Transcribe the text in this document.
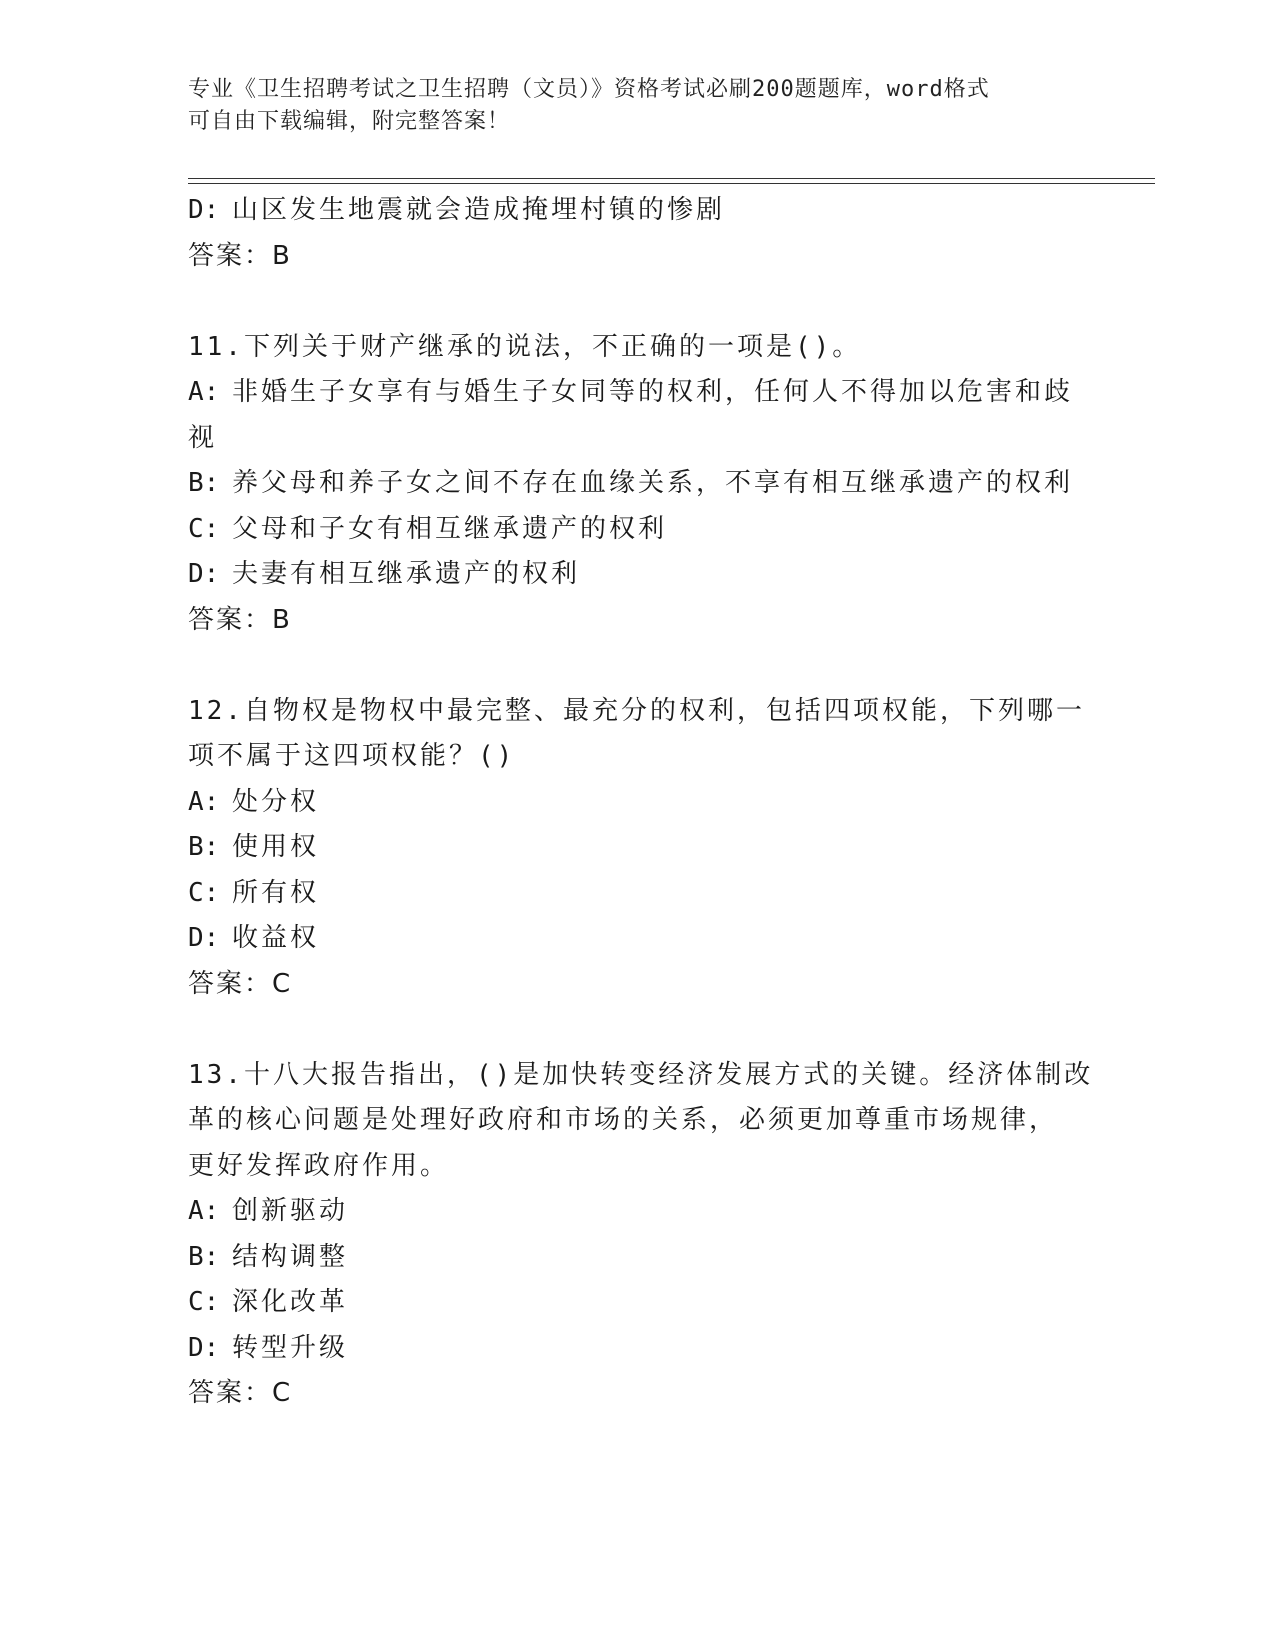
专业《卫生招聘考试之卫生招聘（文员）》资格考试必刷200题题库，word格式
可自由下载编辑，附完整答案！
D: 山区发生地震就会造成掩埋村镇的惨剧
答案：B
11.下列关于财产继承的说法，不正确的一项是()。
A: 非婚生子女享有与婚生子女同等的权利，任何人不得加以危害和歧
视
B: 养父母和养子女之间不存在血缘关系，不享有相互继承遗产的权利
C: 父母和子女有相互继承遗产的权利
D: 夫妻有相互继承遗产的权利
答案：B
12.自物权是物权中最完整、最充分的权利，包括四项权能，下列哪一
项不属于这四项权能？()
A: 处分权
B: 使用权
C: 所有权
D: 收益权
答案：C
13.十八大报告指出，()是加快转变经济发展方式的关键。经济体制改
革的核心问题是处理好政府和市场的关系，必须更加尊重市场规律，
更好发挥政府作用。
A: 创新驱动
B: 结构调整
C: 深化改革
D: 转型升级
答案：C
